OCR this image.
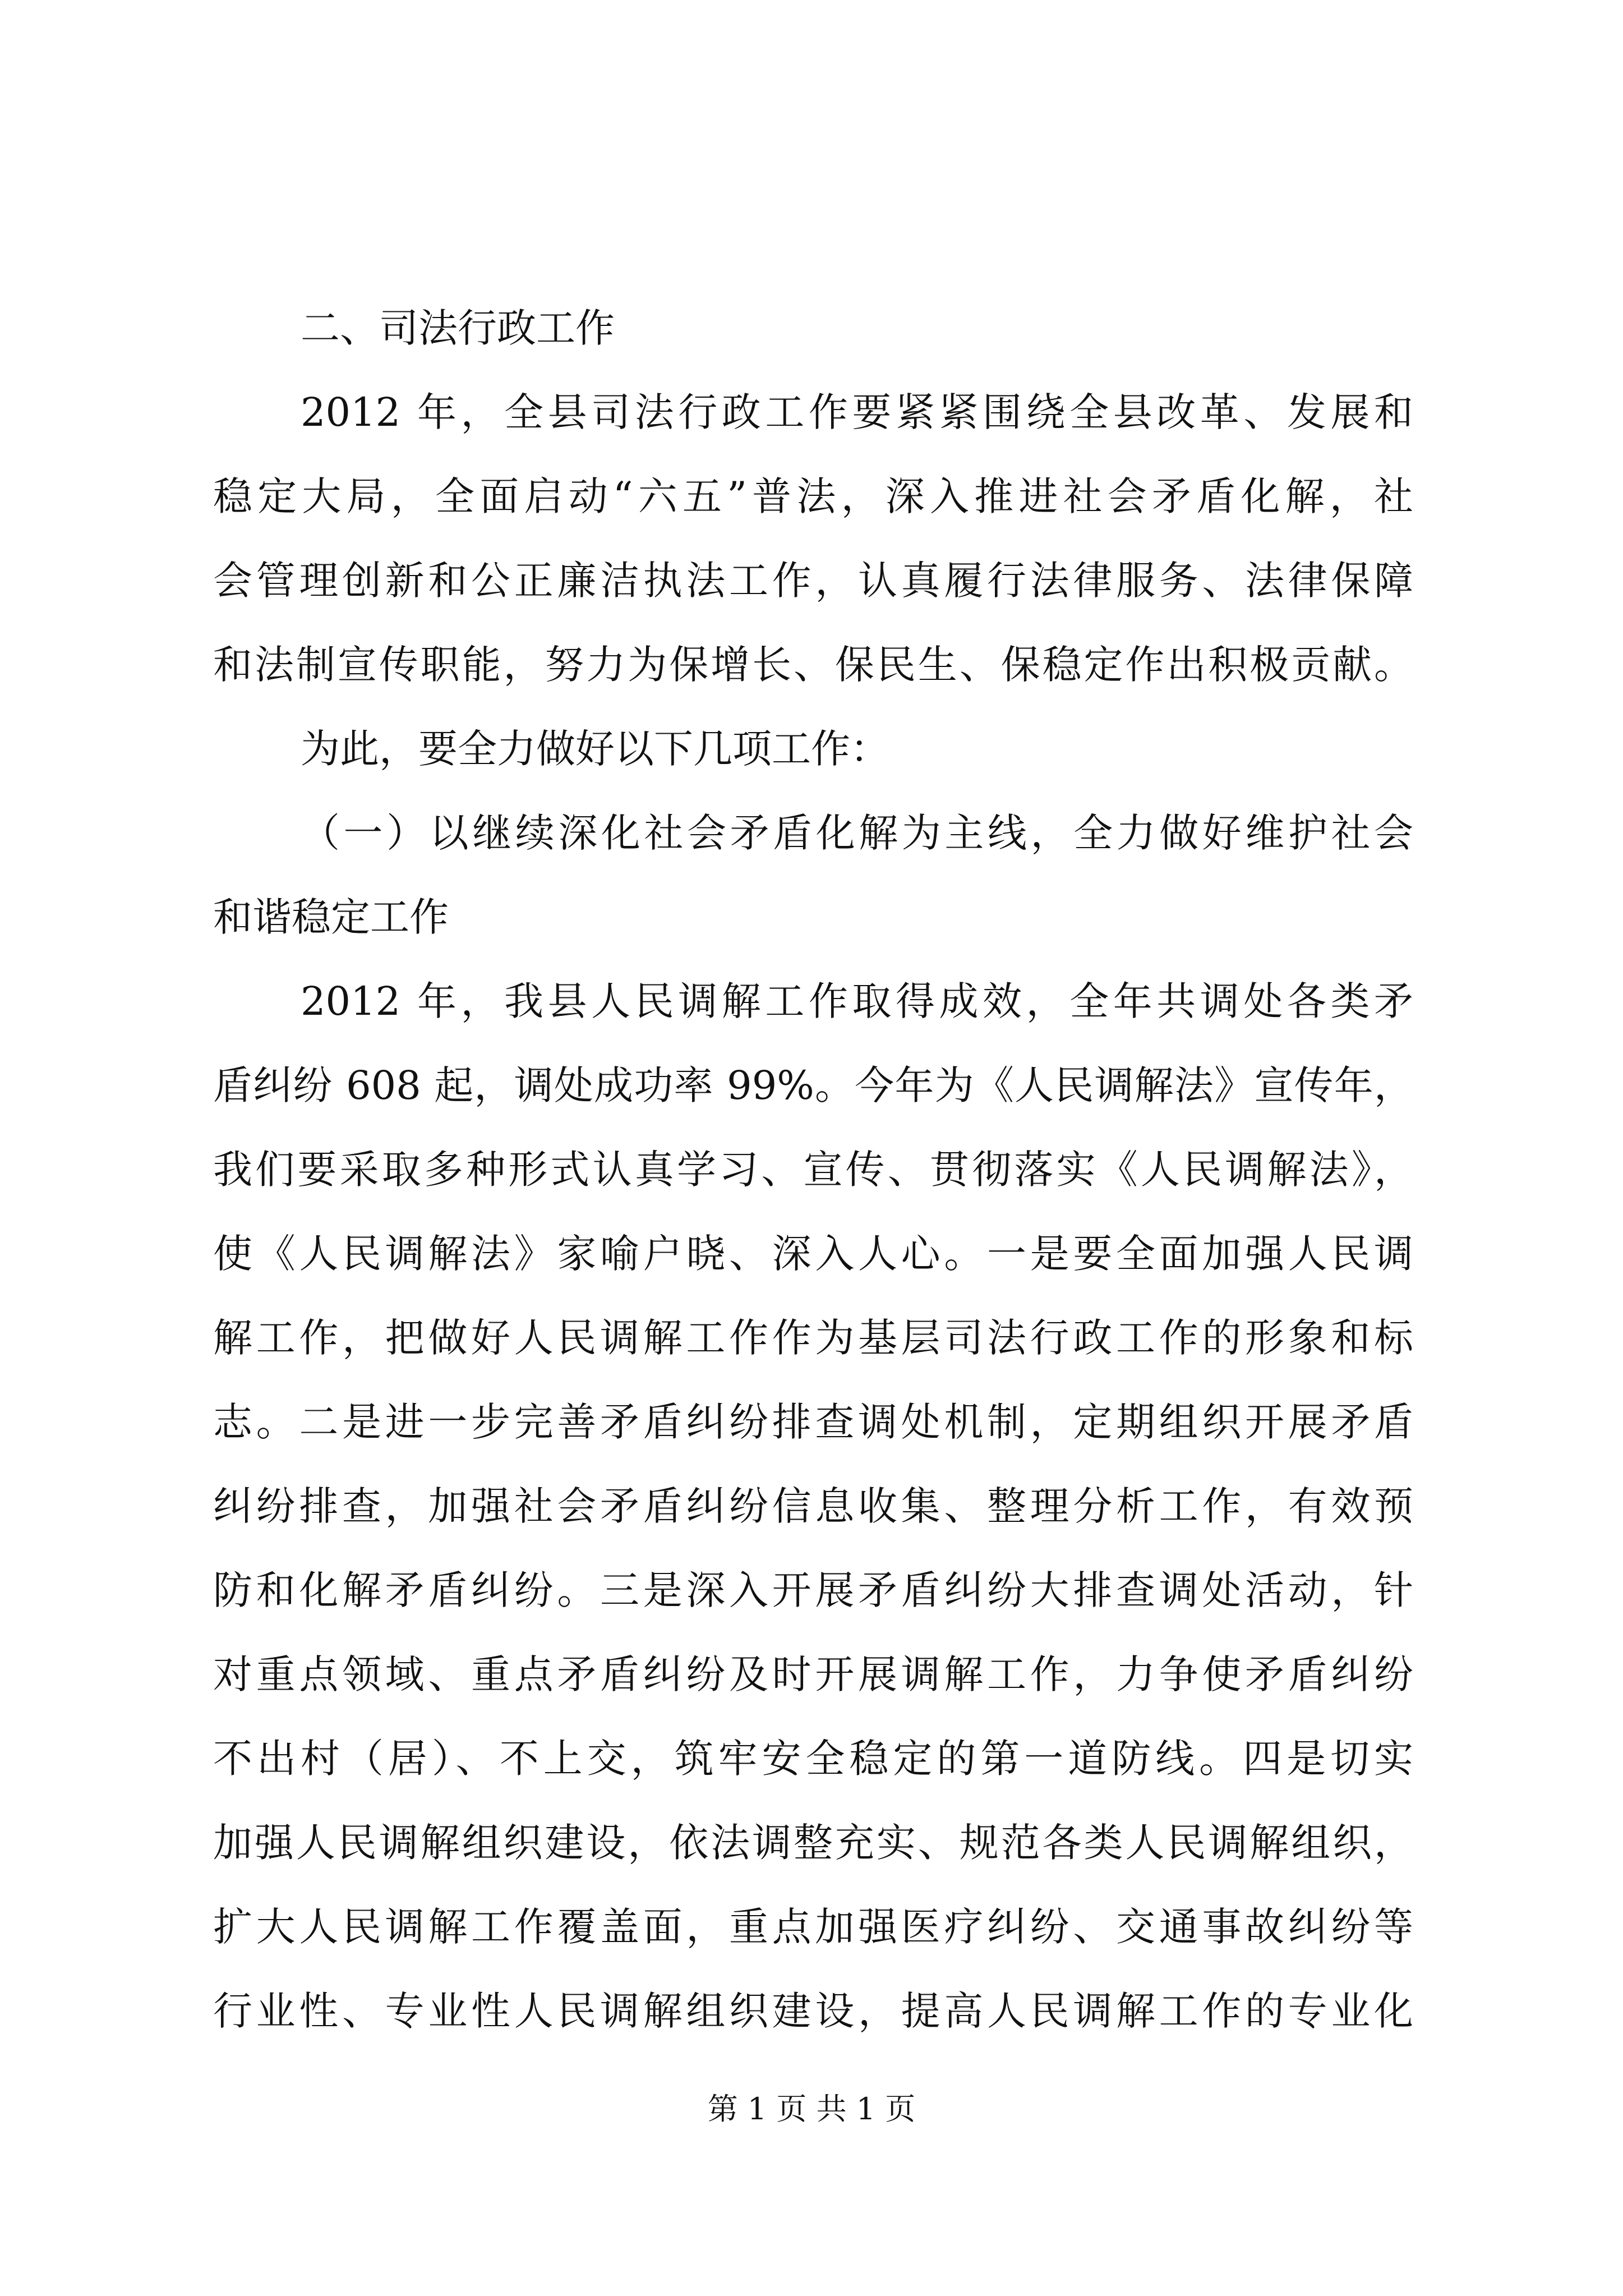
二、司法行政工作
2012 年，全县司法行政工作要紧紧围绕全县改革、发展和
稳定大局，全面启动“六五”普法，深入推进社会矛盾化解，社
会管理创新和公正廉洁执法工作，认真履行法律服务、法律保障
和法制宣传职能，努力为保增长、保民生、保稳定作出积极贡献。
为此，要全力做好以下几项工作：
（一）以继续深化社会矛盾化解为主线，全力做好维护社会
和谐稳定工作
2012 年，我县人民调解工作取得成效，全年共调处各类矛
盾纠纷 608 起，调处成功率 99%。今年为《人民调解法》宣传年，
我们要采取多种形式认真学习、宣传、贯彻落实《人民调解法》，
使《人民调解法》家喻户晓、深入人心。一是要全面加强人民调
解工作，把做好人民调解工作作为基层司法行政工作的形象和标
志。二是进一步完善矛盾纠纷排查调处机制，定期组织开展矛盾
纠纷排查，加强社会矛盾纠纷信息收集、整理分析工作，有效预
防和化解矛盾纠纷。三是深入开展矛盾纠纷大排查调处活动，针
对重点领域、重点矛盾纠纷及时开展调解工作，力争使矛盾纠纷
不出村（居）、不上交，筑牢安全稳定的第一道防线。四是切实
加强人民调解组织建设，依法调整充实、规范各类人民调解组织，
扩大人民调解工作覆盖面，重点加强医疗纠纷、交通事故纠纷等
行业性、专业性人民调解组织建设，提高人民调解工作的专业化
第 1 页 共 1 页
